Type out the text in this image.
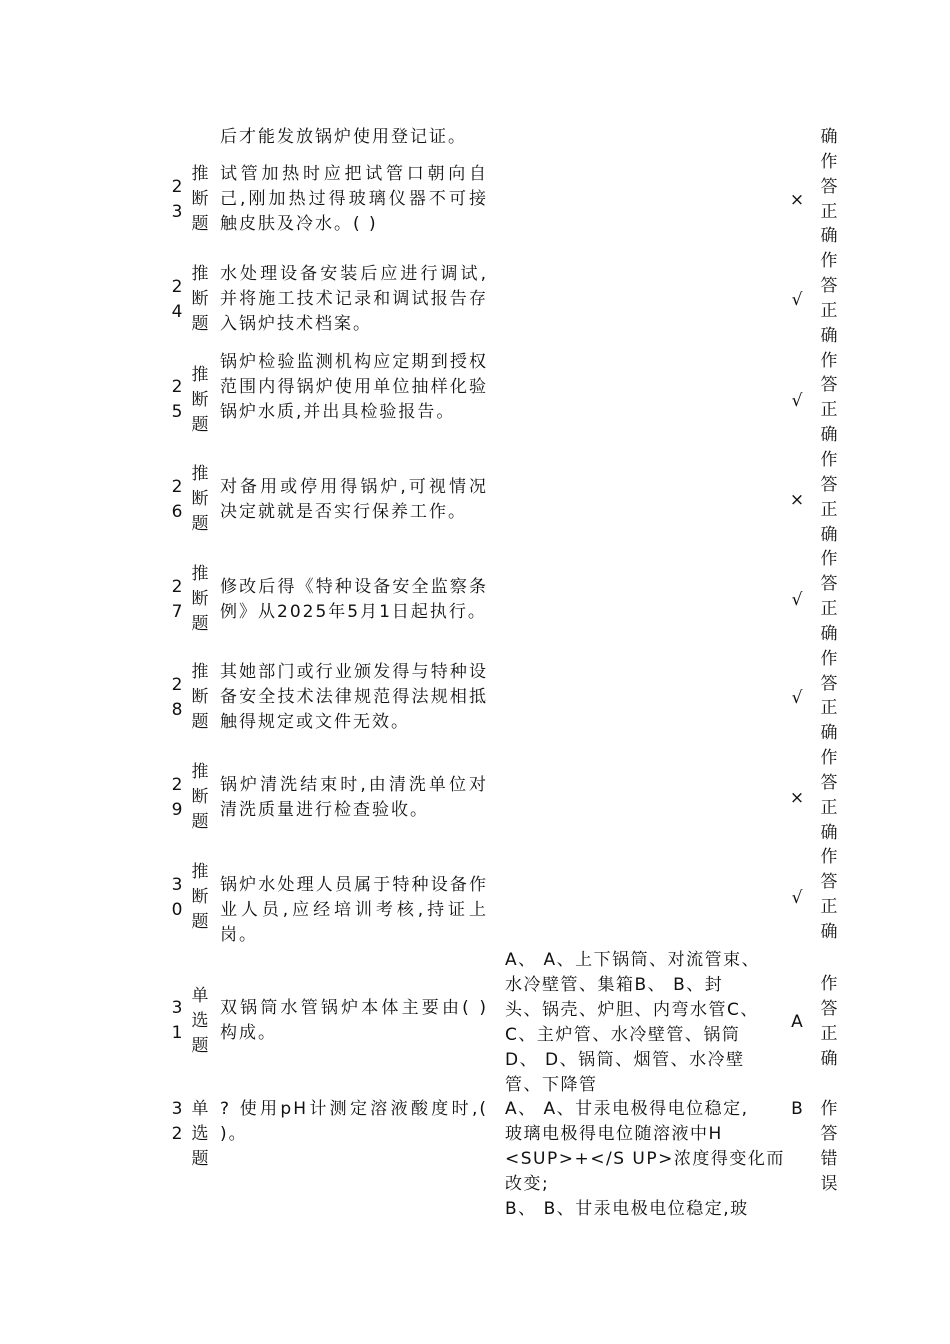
后才能发放锅炉使用登记证。	确
作
答
正
确
作
答
正
确
作
答
正
确
作
答
正
确
作
答
正
确
作
答
正
确
作
答
正
确
作
答
正
确
2
3
推
断
题
试管加热时应把试管口朝向自己,刚加热过得玻璃仪器不可接触皮肤及冷水。( )
×
2
4
推
断
题
水处理设备安装后应进行调试,并将施工技术记录和调试报告存入锅炉技术档案。
√
2
5
推
断
题
锅炉检验监测机构应定期到授权范围内得锅炉使用单位抽样化验锅炉水质,并出具检验报告。
√
2
6
推
断
题
对备用或停用得锅炉,可视情况决定就就是否实行保养工作。
×
2
7
推
断
题
修改后得《特种设备安全监察条例》从2025年5月1日起执行。
√
2
8
推
断
题
其她部门或行业颁发得与特种设备安全技术法律规范得法规相抵触得规定或文件无效。
√
2
9
推
断
题
锅炉清洗结束时,由清洗单位对清洗质量进行检查验收。
×
3
0
推
断
题
锅炉水处理人员属于特种设备作业人员,应经培训考核,持证上岗。
√
3
1
单
选
题
双锅筒水管锅炉本体主要由( )构成。
A、 A、上下锅筒、对流管束、
水冷壁管、集箱B、 B、封
头、锅壳、炉胆、内弯水管C、
C、主炉管、水冷壁管、锅筒
D、 D、锅筒、烟管、水冷壁
管、下降管
A
作
答
正
确
3
2
单
选
题
? 使用pH计测定溶液酸度时,( )。
A、 A、甘汞电极得电位稳定,
玻璃电极得电位随溶液中H
<SUP>+</S UP>浓度得变化而
改变;
B、 B、甘汞电极电位稳定,玻
B	作
答
错
误
